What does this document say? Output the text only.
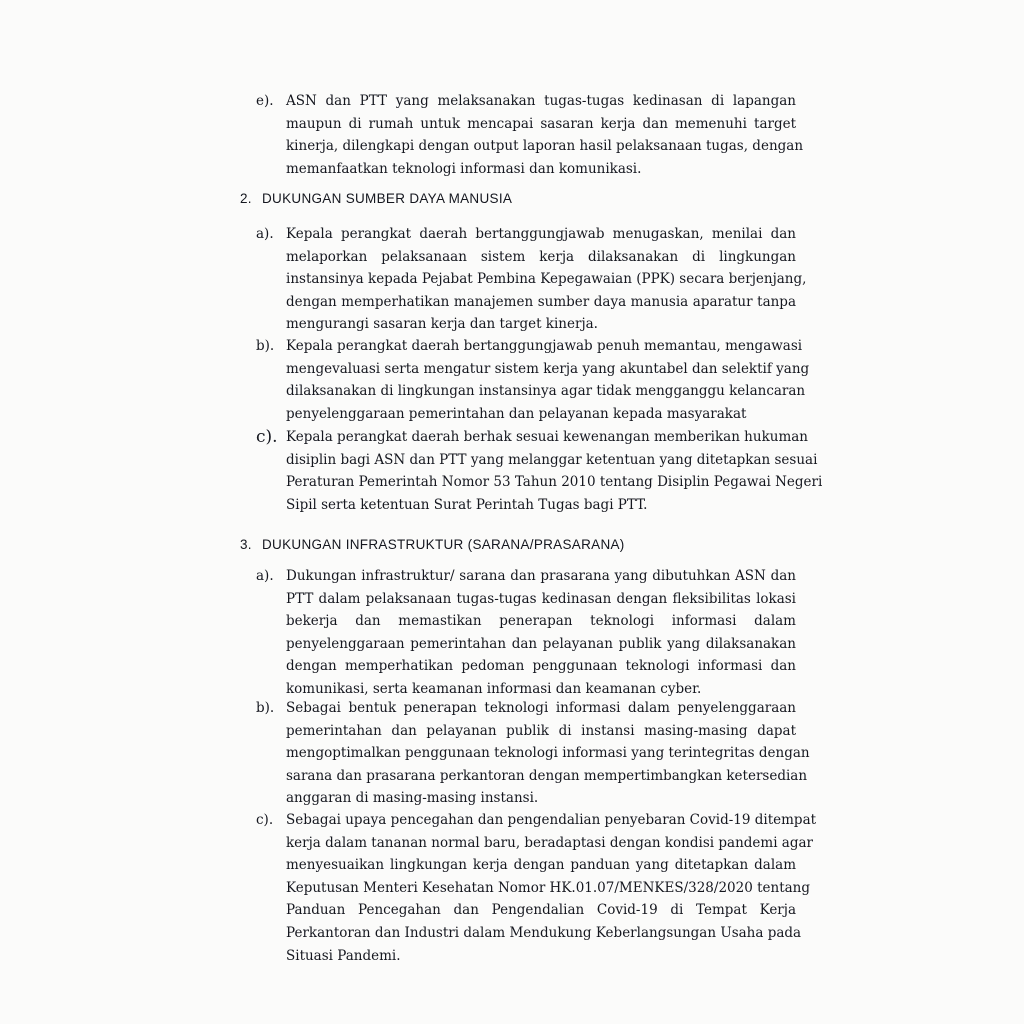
e). ASN dan PTT yang melaksanakan tugas-tugas kedinasan di lapangan
maupun di rumah untuk mencapai sasaran kerja dan memenuhi target
kinerja, dilengkapi dengan output laporan hasil pelaksanaan tugas, dengan
memanfaatkan teknologi informasi dan komunikasi.
2. DUKUNGAN SUMBER DAYA MANUSIA
a). Kepala perangkat daerah bertanggungjawab menugaskan, menilai dan
melaporkan pelaksanaan sistem kerja dilaksanakan di lingkungan
instansinya kepada Pejabat Pembina Kepegawaian (PPK) secara berjenjang,
dengan memperhatikan manajemen sumber daya manusia aparatur tanpa
mengurangi sasaran kerja dan target kinerja.
b). Kepala perangkat daerah bertanggungjawab penuh memantau, mengawasi
mengevaluasi serta mengatur sistem kerja yang akuntabel dan selektif yang
dilaksanakan di lingkungan instansinya agar tidak mengganggu kelancaran
penyelenggaraan pemerintahan dan pelayanan kepada masyarakat
c). Kepala perangkat daerah berhak sesuai kewenangan memberikan hukuman
disiplin bagi ASN dan PTT yang melanggar ketentuan yang ditetapkan sesuai
Peraturan Pemerintah Nomor 53 Tahun 2010 tentang Disiplin Pegawai Negeri
Sipil serta ketentuan Surat Perintah Tugas bagi PTT.
3. DUKUNGAN INFRASTRUKTUR (SARANA/PRASARANA)
a). Dukungan infrastruktur/ sarana dan prasarana yang dibutuhkan ASN dan
PTT dalam pelaksanaan tugas-tugas kedinasan dengan fleksibilitas lokasi
bekerja dan memastikan penerapan teknologi informasi dalam
penyelenggaraan pemerintahan dan pelayanan publik yang dilaksanakan
dengan memperhatikan pedoman penggunaan teknologi informasi dan
komunikasi, serta keamanan informasi dan keamanan cyber.
b). Sebagai bentuk penerapan teknologi informasi dalam penyelenggaraan
pemerintahan dan pelayanan publik di instansi masing-masing dapat
mengoptimalkan penggunaan teknologi informasi yang terintegritas dengan
sarana dan prasarana perkantoran dengan mempertimbangkan ketersedian
anggaran di masing-masing instansi.
c). Sebagai upaya pencegahan dan pengendalian penyebaran Covid-19 ditempat
kerja dalam tananan normal baru, beradaptasi dengan kondisi pandemi agar
menyesuaikan lingkungan kerja dengan panduan yang ditetapkan dalam
Keputusan Menteri Kesehatan Nomor HK.01.07/MENKES/328/2020 tentang
Panduan Pencegahan dan Pengendalian Covid-19 di Tempat Kerja
Perkantoran dan Industri dalam Mendukung Keberlangsungan Usaha pada
Situasi Pandemi.
